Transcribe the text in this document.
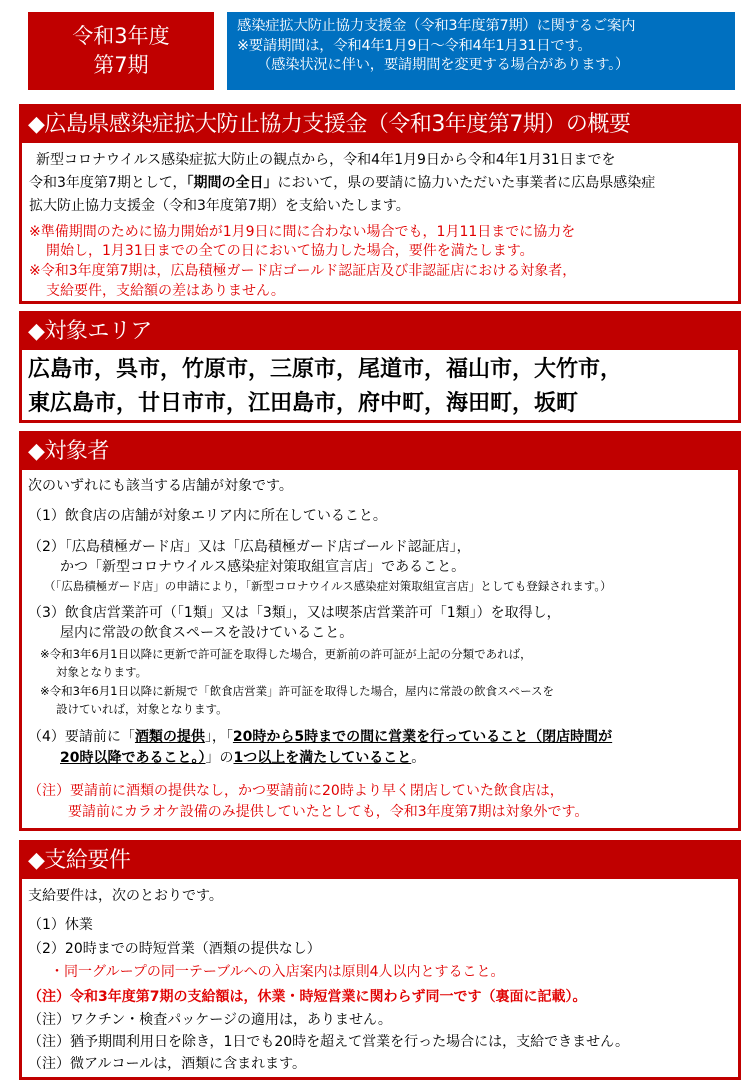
令和3年度
第7期
感染症拡大防止協力支援金（令和3年度第7期）に関するご案内
※要請期間は，令和4年1月9日～令和4年1月31日です。
（感染状況に伴い，要請期間を変更する場合があります。）
◆広島県感染症拡大防止協力支援金（令和3年度第7期）の概要
新型コロナウイルス感染症拡大防止の観点から，令和4年1月9日から令和4年1月31日までを
令和3年度第7期として，「期間の全日」において，県の要請に協力いただいた事業者に広島県感染症
拡大防止協力支援金（令和3年度第7期）を支給いたします。
※準備期間のために協力開始が1月9日に間に合わない場合でも，1月11日までに協力を
開始し，1月31日までの全ての日において協力した場合，要件を満たします。
※令和3年度第7期は，広島積極ガード店ゴールド認証店及び非認証店における対象者，
支給要件，支給額の差はありません。
◆対象エリア
広島市，呉市，竹原市，三原市，尾道市，福山市，大竹市，
東広島市，廿日市市，江田島市，府中町，海田町，坂町
◆対象者
次のいずれにも該当する店舗が対象です。
（1）飲食店の店舗が対象エリア内に所在していること。
（2）「広島積極ガード店」又は「広島積極ガード店ゴールド認証店」，
かつ「新型コロナウイルス感染症対策取組宣言店」であること。
（「広島積極ガード店」の申請により，「新型コロナウイルス感染症対策取組宣言店」としても登録されます。）
（3）飲食店営業許可（「1類」又は「3類」，又は喫茶店営業許可「1類」）を取得し，
屋内に常設の飲食スペースを設けていること。
※令和3年6月1日以降に更新で許可証を取得した場合，更新前の許可証が上記の分類であれば，
対象となります。
※令和3年6月1日以降に新規で「飲食店営業」許可証を取得した場合，屋内に常設の飲食スペースを
設けていれば，対象となります。
（4）要請前に「酒類の提供」，「20時から5時までの間に営業を行っていること（閉店時間が
20時以降であること。）」の1つ以上を満たしていること。
（注）要請前に酒類の提供なし，かつ要請前に20時より早く閉店していた飲食店は，
要請前にカラオケ設備のみ提供していたとしても，令和3年度第7期は対象外です。
◆支給要件
支給要件は，次のとおりです。
（1）休業
（2）20時までの時短営業（酒類の提供なし）
・同一グループの同一テーブルへの入店案内は原則4人以内とすること。
（注）令和3年度第7期の支給額は，休業・時短営業に関わらず同一です（裏面に記載）。
（注）ワクチン・検査パッケージの適用は，ありません。
（注）猶予期間利用日を除き，1日でも20時を超えて営業を行った場合には，支給できません。
（注）微アルコールは，酒類に含まれます。
